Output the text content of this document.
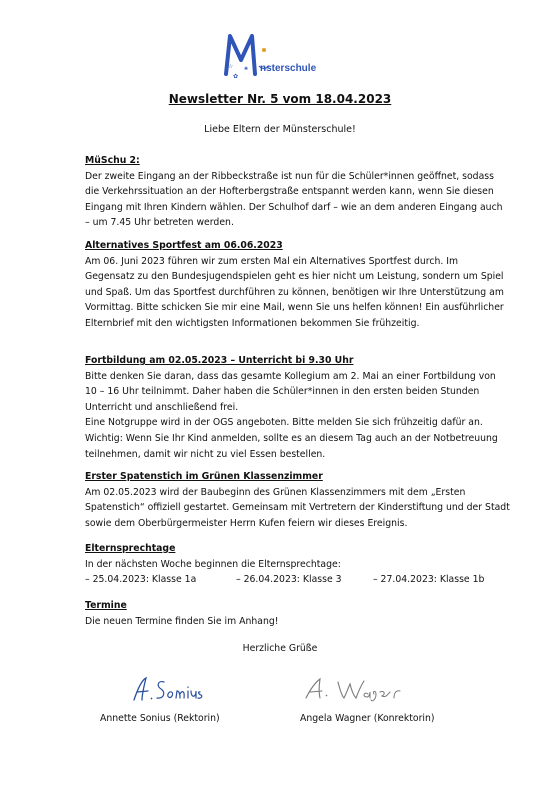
☆
✿
❀ nsterschule
Newsletter Nr. 5 vom 18.04.2023
Liebe Eltern der Münsterschule!
MüSchu 2:
Der zweite Eingang an der Ribbeckstraße ist nun für die Schüler*innen geöffnet, sodass die Verkehrssituation an der Hofterbergstraße entspannt werden kann, wenn Sie diesen Eingang mit Ihren Kindern wählen. Der Schulhof darf – wie an dem anderen Eingang auch – um 7.45 Uhr betreten werden.
Alternatives Sportfest am 06.06.2023
Am 06. Juni 2023 führen wir zum ersten Mal ein Alternatives Sportfest durch. Im Gegensatz zu den Bundesjugendspielen geht es hier nicht um Leistung, sondern um Spiel und Spaß. Um das Sportfest durchführen zu können, benötigen wir Ihre Unterstützung am Vormittag. Bitte schicken Sie mir eine Mail, wenn Sie uns helfen können! Ein ausführlicher Elternbrief mit den wichtigsten Informationen bekommen Sie frühzeitig.
Fortbildung am 02.05.2023 – Unterricht bi 9.30 Uhr
Bitte denken Sie daran, dass das gesamte Kollegium am 2. Mai an einer Fortbildung von 10 – 16 Uhr teilnimmt. Daher haben die Schüler*innen in den ersten beiden Stunden Unterricht und anschließend frei.
Eine Notgruppe wird in der OGS angeboten. Bitte melden Sie sich frühzeitig dafür an. Wichtig: Wenn Sie Ihr Kind anmelden, sollte es an diesem Tag auch an der Notbetreuung teilnehmen, damit wir nicht zu viel Essen bestellen.
Erster Spatenstich im Grünen Klassenzimmer
Am 02.05.2023 wird der Baubeginn des Grünen Klassenzimmers mit dem „Ersten Spatenstich“ offiziell gestartet. Gemeinsam mit Vertretern der Kinderstiftung und der Stadt sowie dem Oberbürgermeister Herrn Kufen feiern wir dieses Ereignis.
Elternsprechtage
In der nächsten Woche beginnen die Elternsprechtage:
– 25.04.2023: Klasse 1a	– 26.04.2023: Klasse 3	– 27.04.2023: Klasse 1b
Termine
Die neuen Termine finden Sie im Anhang!
Herzliche Grüße
Annette Sonius (Rektorin)	Angela Wagner (Konrektorin)
